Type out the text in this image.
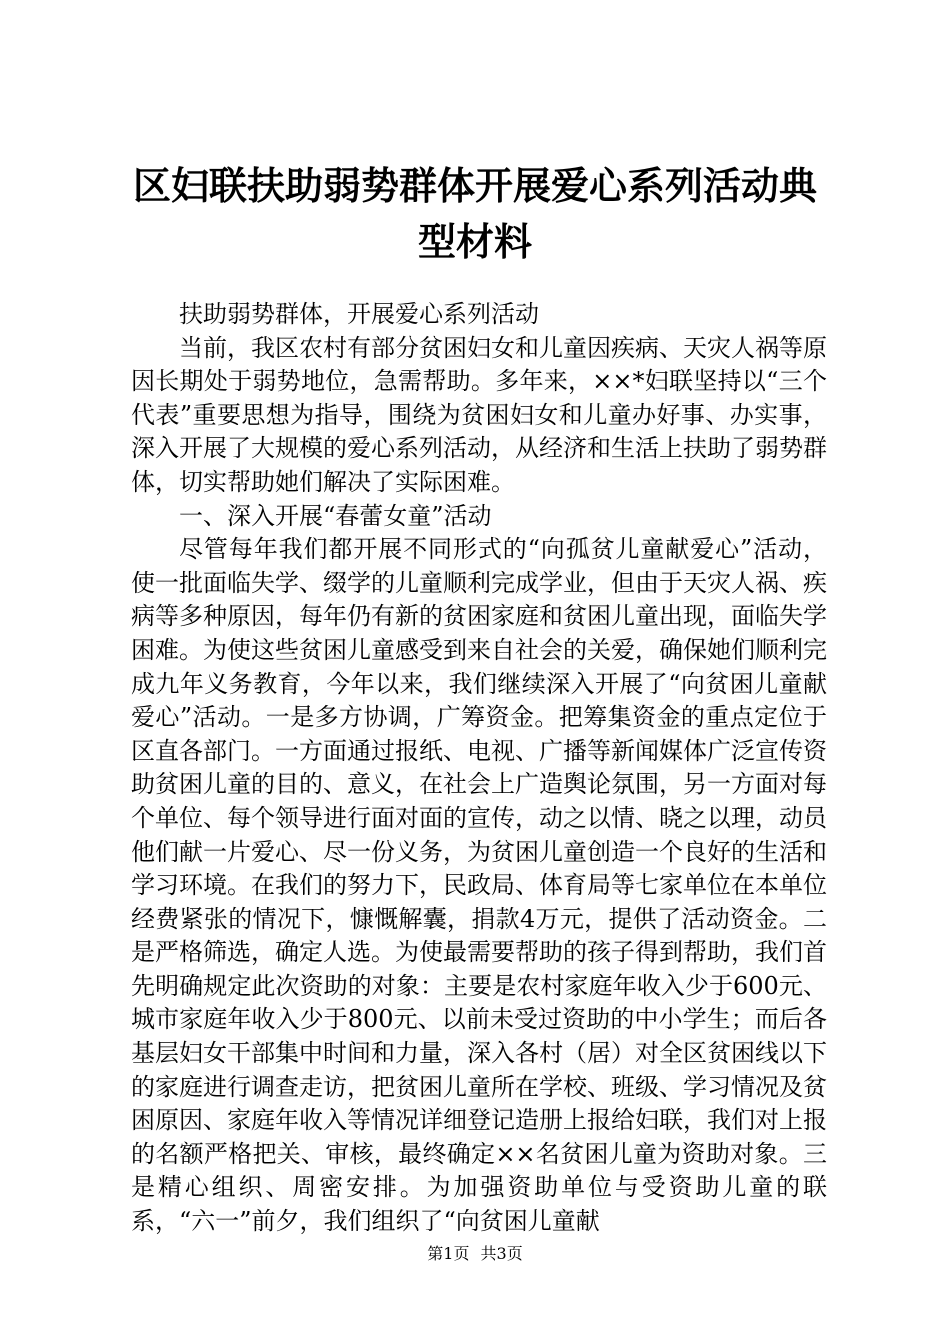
区妇联扶助弱势群体开展爱心系列活动典型材料

扶助弱势群体，开展爱心系列活动

当前，我区农村有部分贫困妇女和儿童因疾病、天灾人祸等原因长期处于弱势地位，急需帮助。多年来，××*妇联坚持以“三个代表”重要思想为指导，围绕为贫困妇女和儿童办好事、办实事，深入开展了大规模的爱心系列活动，从经济和生活上扶助了弱势群体，切实帮助她们解决了实际困难。

一、深入开展“春蕾女童”活动

尽管每年我们都开展不同形式的“向孤贫儿童献爱心”活动，使一批面临失学、缀学的儿童顺利完成学业，但由于天灾人祸、疾病等多种原因，每年仍有新的贫困家庭和贫困儿童出现，面临失学困难。为使这些贫困儿童感受到来自社会的关爱，确保她们顺利完成九年义务教育，今年以来，我们继续深入开展了“向贫困儿童献爱心”活动。一是多方协调，广筹资金。把筹集资金的重点定位于区直各部门。一方面通过报纸、电视、广播等新闻媒体广泛宣传资助贫困儿童的目的、意义，在社会上广造舆论氛围，另一方面对每个单位、每个领导进行面对面的宣传，动之以情、晓之以理，动员他们献一片爱心、尽一份义务，为贫困儿童创造一个良好的生活和学习环境。在我们的努力下，民政局、体育局等七家单位在本单位经费紧张的情况下，慷慨解囊，捐款4万元，提供了活动资金。二是严格筛选，确定人选。为使最需要帮助的孩子得到帮助，我们首先明确规定此次资助的对象：主要是农村家庭年收入少于600元、城市家庭年收入少于800元、以前未受过资助的中小学生；而后各基层妇女干部集中时间和力量，深入各村（居）对全区贫困线以下的家庭进行调查走访，把贫困儿童所在学校、班级、学习情况及贫困原因、家庭年收入等情况详细登记造册上报给妇联，我们对上报的名额严格把关、审核，最终确定××名贫困儿童为资助对象。三是精心组织、周密安排。为加强资助单位与受资助儿童的联系，“六一”前夕，我们组织了“向贫困儿童献

第1页 共3页
